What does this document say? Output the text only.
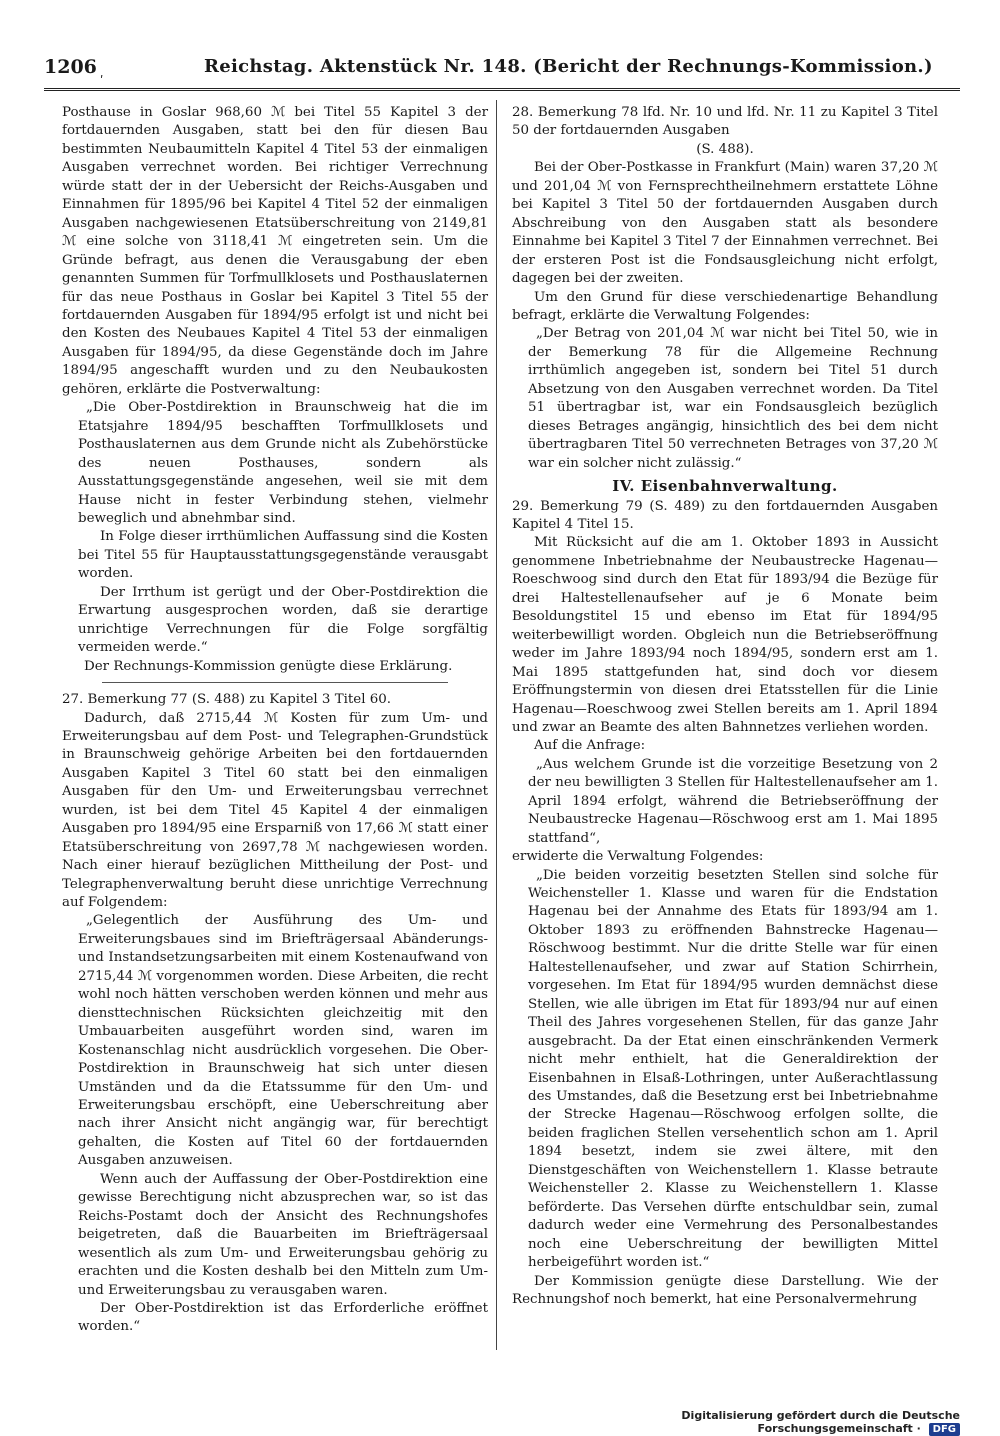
1206
ʹ
Reichstag. Aktenstück Nr. 148. (Bericht der Rechnungs-Kommission.)

Posthause in Goslar 968,60 ℳ bei Titel 55 Kapitel 3 der fortdauernden Ausgaben, statt bei den für diesen Bau bestimmten Neubaumitteln Kapitel 4 Titel 53 der einmaligen Ausgaben verrechnet worden. Bei richtiger Verrechnung würde statt der in der Uebersicht der Reichs-Ausgaben und Einnahmen für 1895/96 bei Kapitel 4 Titel 52 der einmaligen Ausgaben nachgewiesenen Etatsüberschreitung von 2149,81 ℳ eine solche von 3118,41 ℳ eingetreten sein. Um die Gründe befragt, aus denen die Verausgabung der eben genannten Summen für Torfmullklosets und Posthauslaternen für das neue Posthaus in Goslar bei Kapitel 3 Titel 55 der fortdauernden Ausgaben für 1894/95 erfolgt ist und nicht bei den Kosten des Neubaues Kapitel 4 Titel 53 der einmaligen Ausgaben für 1894/95, da diese Gegenstände doch im Jahre 1894/95 angeschafft wurden und zu den Neubaukosten gehören, erklärte die Postverwaltung:

„Die Ober-Postdirektion in Braunschweig hat die im Etatsjahre 1894/95 beschafften Torfmullklosets und Posthauslaternen aus dem Grunde nicht als Zubehörstücke des neuen Posthauses, sondern als Ausstattungsgegenstände angesehen, weil sie mit dem Hause nicht in fester Verbindung stehen, vielmehr beweglich und abnehmbar sind.

In Folge dieser irrthümlichen Auffassung sind die Kosten bei Titel 55 für Hauptausstattungsgegenstände verausgabt worden.

Der Irrthum ist gerügt und der Ober-Postdirektion die Erwartung ausgesprochen worden, daß sie derartige unrichtige Verrechnungen für die Folge sorgfältig vermeiden werde.“

Der Rechnungs-Kommission genügte diese Erklärung.

27. Bemerkung 77 (S. 488) zu Kapitel 3 Titel 60.

Dadurch, daß 2715,44 ℳ Kosten für zum Um- und Erweiterungsbau auf dem Post- und Telegraphen-Grundstück in Braunschweig gehörige Arbeiten bei den fortdauernden Ausgaben Kapitel 3 Titel 60 statt bei den einmaligen Ausgaben für den Um- und Erweiterungsbau verrechnet wurden, ist bei dem Titel 45 Kapitel 4 der einmaligen Ausgaben pro 1894/95 eine Ersparniß von 17,66 ℳ statt einer Etatsüberschreitung von 2697,78 ℳ nachgewiesen worden. Nach einer hierauf bezüglichen Mittheilung der Post- und Telegraphenverwaltung beruht diese unrichtige Verrechnung auf Folgendem:

„Gelegentlich der Ausführung des Um- und Erweiterungsbaues sind im Briefträgersaal Abänderungs- und Instandsetzungsarbeiten mit einem Kostenaufwand von 2715,44 ℳ vorgenommen worden. Diese Arbeiten, die recht wohl noch hätten verschoben werden können und mehr aus diensttechnischen Rücksichten gleichzeitig mit den Umbauarbeiten ausgeführt worden sind, waren im Kostenanschlag nicht ausdrücklich vorgesehen. Die Ober-Postdirektion in Braunschweig hat sich unter diesen Umständen und da die Etatssumme für den Um- und Erweiterungsbau erschöpft, eine Ueberschreitung aber nach ihrer Ansicht nicht angängig war, für berechtigt gehalten, die Kosten auf Titel 60 der fortdauernden Ausgaben anzuweisen.

Wenn auch der Auffassung der Ober-Postdirektion eine gewisse Berechtigung nicht abzusprechen war, so ist das Reichs-Postamt doch der Ansicht des Rechnungshofes beigetreten, daß die Bauarbeiten im Briefträgersaal wesentlich als zum Um- und Erweiterungsbau gehörig zu erachten und die Kosten deshalb bei den Mitteln zum Um- und Erweiterungsbau zu verausgaben waren.

Der Ober-Postdirektion ist das Erforderliche eröffnet worden.“

28. Bemerkung 78 lfd. Nr. 10 und lfd. Nr. 11 zu Kapitel 3 Titel 50 der fortdauernden Ausgaben

(S. 488).

Bei der Ober-Postkasse in Frankfurt (Main) waren 37,20 ℳ und 201,04 ℳ von Fernsprechtheilnehmern erstattete Löhne bei Kapitel 3 Titel 50 der fortdauernden Ausgaben durch Abschreibung von den Ausgaben statt als besondere Einnahme bei Kapitel 3 Titel 7 der Einnahmen verrechnet. Bei der ersteren Post ist die Fondsausgleichung nicht erfolgt, dagegen bei der zweiten.

Um den Grund für diese verschiedenartige Behandlung befragt, erklärte die Verwaltung Folgendes:

„Der Betrag von 201,04 ℳ war nicht bei Titel 50, wie in der Bemerkung 78 für die Allgemeine Rechnung irrthümlich angegeben ist, sondern bei Titel 51 durch Absetzung von den Ausgaben verrechnet worden. Da Titel 51 übertragbar ist, war ein Fondsausgleich bezüglich dieses Betrages angängig, hinsichtlich des bei dem nicht übertragbaren Titel 50 verrechneten Betrages von 37,20 ℳ war ein solcher nicht zulässig.“

IV. Eisenbahnverwaltung.

29. Bemerkung 79 (S. 489) zu den fortdauernden Ausgaben Kapitel 4 Titel 15.

Mit Rücksicht auf die am 1. Oktober 1893 in Aussicht genommene Inbetriebnahme der Neubaustrecke Hagenau—Roeschwoog sind durch den Etat für 1893/94 die Bezüge für drei Haltestellenaufseher auf je 6 Monate beim Besoldungstitel 15 und ebenso im Etat für 1894/95 weiterbewilligt worden. Obgleich nun die Betriebseröffnung weder im Jahre 1893/94 noch 1894/95, sondern erst am 1. Mai 1895 stattgefunden hat, sind doch vor diesem Eröffnungstermin von diesen drei Etatsstellen für die Linie Hagenau—Roeschwoog zwei Stellen bereits am 1. April 1894 und zwar an Beamte des alten Bahnnetzes verliehen worden.

Auf die Anfrage:

„Aus welchem Grunde ist die vorzeitige Besetzung von 2 der neu bewilligten 3 Stellen für Haltestellenaufseher am 1. April 1894 erfolgt, während die Betriebseröffnung der Neubaustrecke Hagenau—Röschwoog erst am 1. Mai 1895 stattfand“,

erwiderte die Verwaltung Folgendes:

„Die beiden vorzeitig besetzten Stellen sind solche für Weichensteller 1. Klasse und waren für die Endstation Hagenau bei der Annahme des Etats für 1893/94 am 1. Oktober 1893 zu eröffnenden Bahnstrecke Hagenau—Röschwoog bestimmt. Nur die dritte Stelle war für einen Haltestellenaufseher, und zwar auf Station Schirrhein, vorgesehen. Im Etat für 1894/95 wurden demnächst diese Stellen, wie alle übrigen im Etat für 1893/94 nur auf einen Theil des Jahres vorgesehenen Stellen, für das ganze Jahr ausgebracht. Da der Etat einen einschränkenden Vermerk nicht mehr enthielt, hat die Generaldirektion der Eisenbahnen in Elsaß-Lothringen, unter Außerachtlassung des Umstandes, daß die Besetzung erst bei Inbetriebnahme der Strecke Hagenau—Röschwoog erfolgen sollte, die beiden fraglichen Stellen versehentlich schon am 1. April 1894 besetzt, indem sie zwei ältere, mit den Dienstgeschäften von Weichenstellern 1. Klasse betraute Weichensteller 2. Klasse zu Weichenstellern 1. Klasse beförderte. Das Versehen dürfte entschuldbar sein, zumal dadurch weder eine Vermehrung des Personalbestandes noch eine Ueberschreitung der bewilligten Mittel herbeigeführt worden ist.“

Der Kommission genügte diese Darstellung. Wie der Rechnungshof noch bemerkt, hat eine Personalvermehrung

Digitalisierung gefördert durch die Deutsche Forschungsgemeinschaft · DFG
